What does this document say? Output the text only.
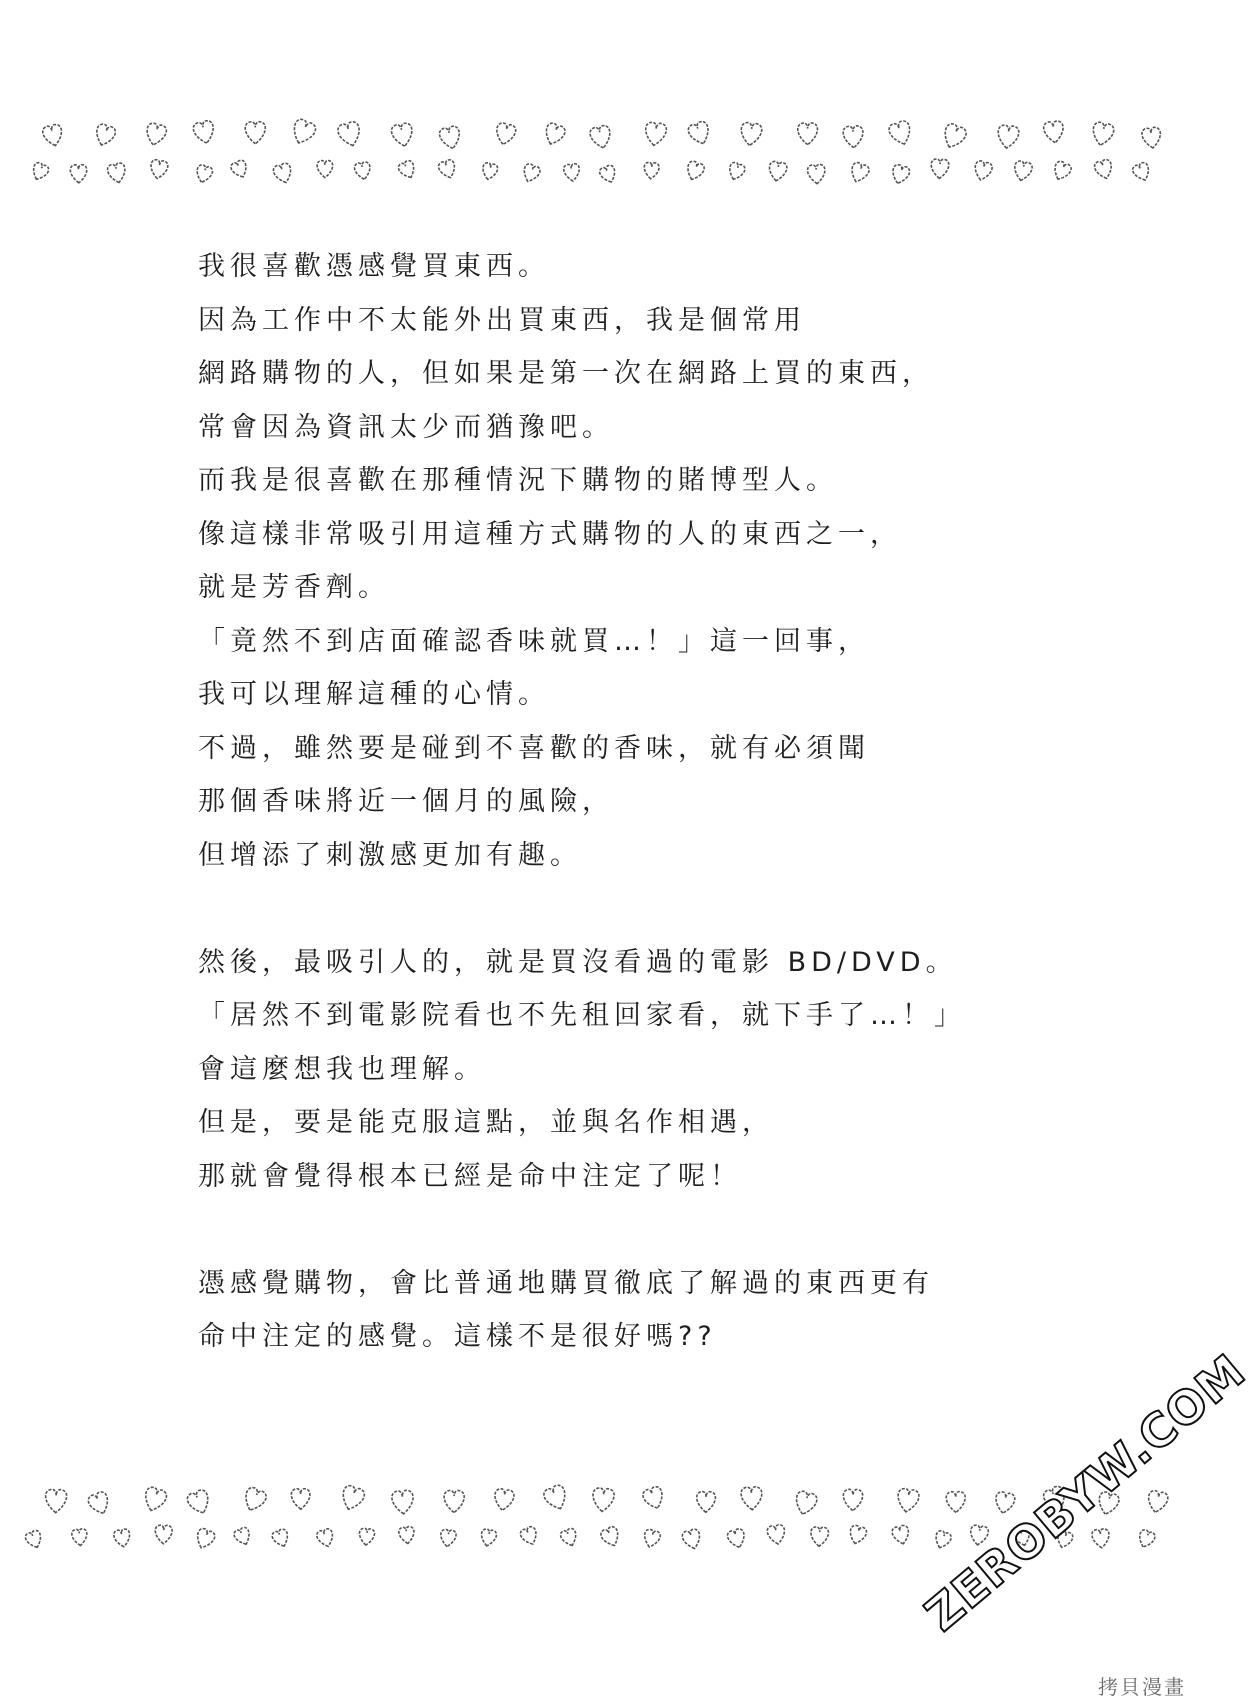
我很喜歡憑感覺買東西。
因為工作中不太能外出買東西，我是個常用
網路購物的人，但如果是第一次在網路上買的東西，
常會因為資訊太少而猶豫吧。
而我是很喜歡在那種情況下購物的賭博型人。
像這樣非常吸引用這種方式購物的人的東西之一，
就是芳香劑。
「竟然不到店面確認香味就買…！」這一回事，
我可以理解這種的心情。
不過，雖然要是碰到不喜歡的香味，就有必須聞
那個香味將近一個月的風險，
但增添了刺激感更加有趣。
然後，最吸引人的，就是買沒看過的電影 BD/DVD。
「居然不到電影院看也不先租回家看，就下手了…！」
會這麼想我也理解。
但是，要是能克服這點，並與名作相遇，
那就會覺得根本已經是命中注定了呢！
憑感覺購物，會比普通地購買徹底了解過的東西更有
命中注定的感覺。這樣不是很好嗎??
ZEROBYW.COM
拷貝漫畫
